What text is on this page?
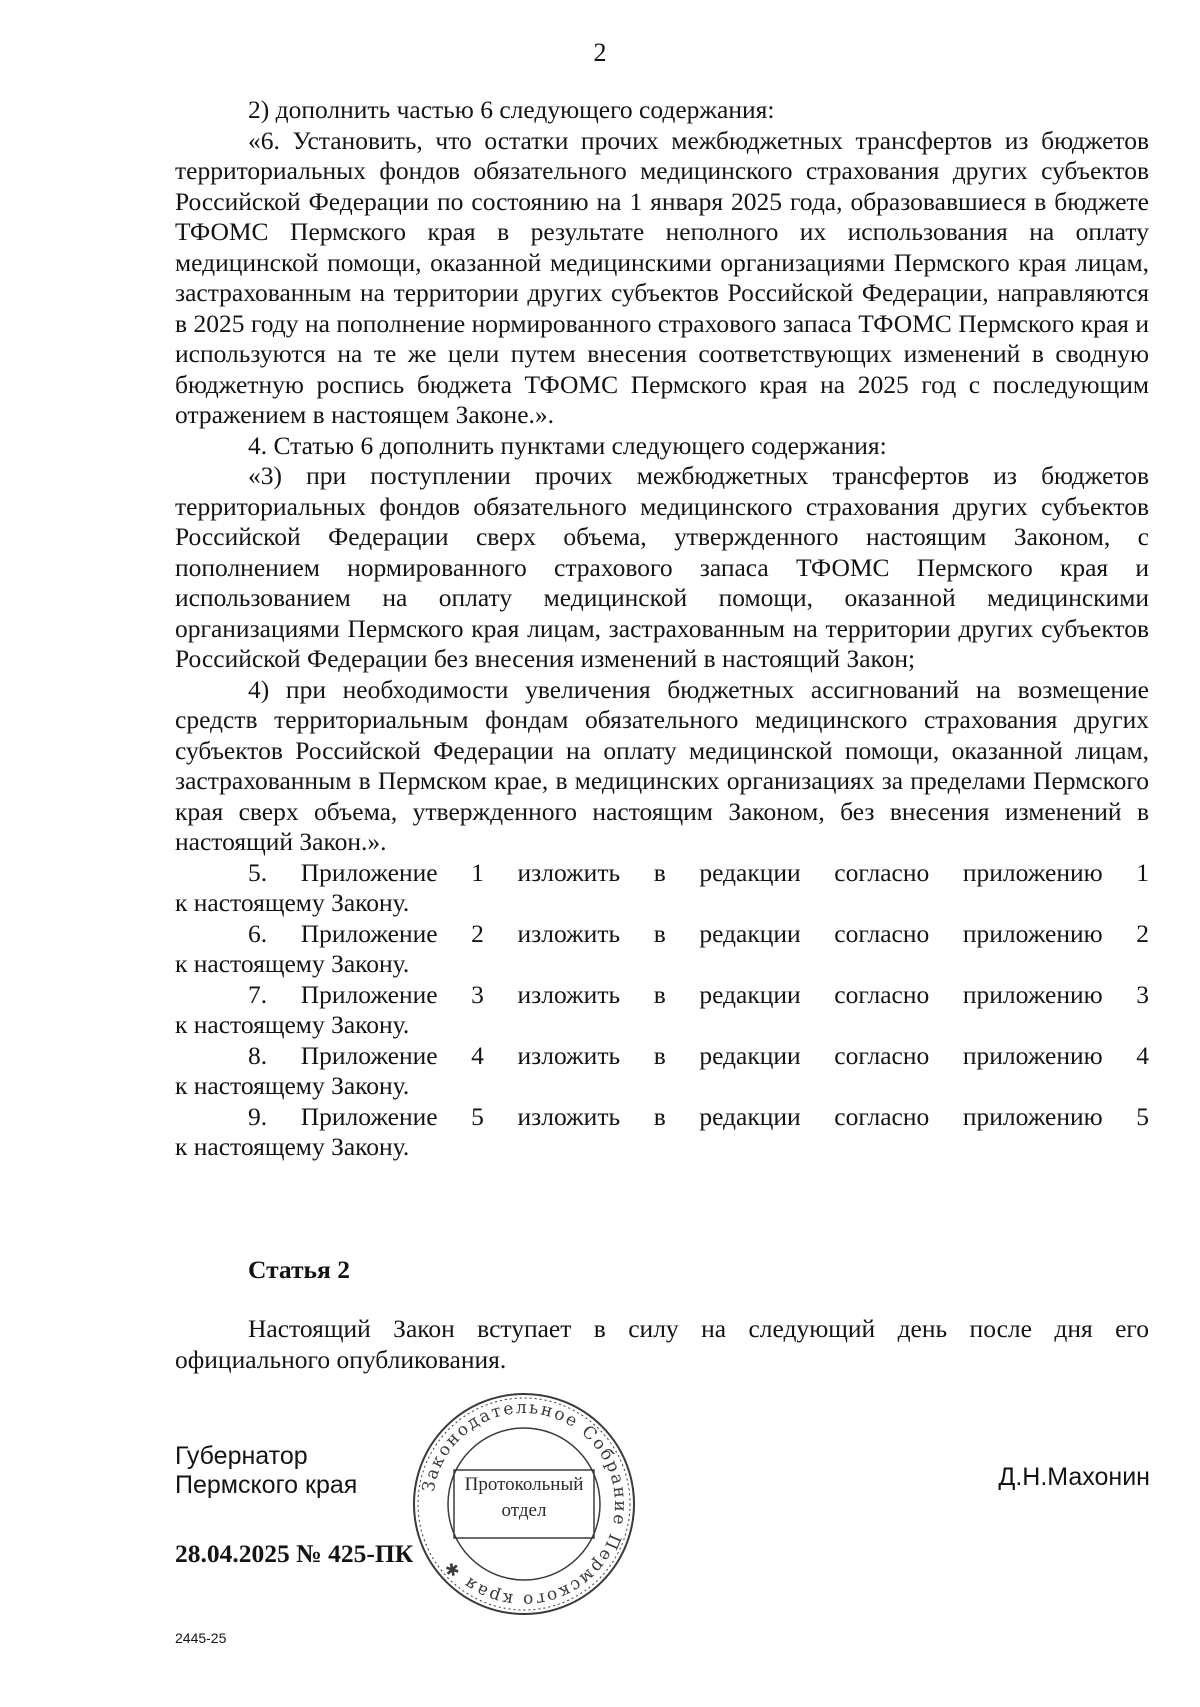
2

2) дополнить частью 6 следующего содержания:

«6. Установить, что остатки прочих межбюджетных трансфертов из бюджетов территориальных фондов обязательного медицинского страхования других субъектов Российской Федерации по состоянию на 1 января 2025 года, образовавшиеся в бюджете ТФОМС Пермского края в результате неполного их использования на оплату медицинской помощи, оказанной медицинскими организациями Пермского края лицам, застрахованным на территории других субъектов Российской Федерации, направляются в 2025 году на пополнение нормированного страхового запаса ТФОМС Пермского края и используются на те же цели путем внесения соответствующих изменений в сводную бюджетную роспись бюджета ТФОМС Пермского края на 2025 год с последующим отражением в настоящем Законе.».

4. Статью 6 дополнить пунктами следующего содержания:

«3) при поступлении прочих межбюджетных трансфертов из бюджетов территориальных фондов обязательного медицинского страхования других субъектов Российской Федерации сверх объема, утвержденного настоящим Законом, с пополнением нормированного страхового запаса ТФОМС Пермского края и использованием на оплату медицинской помощи, оказанной медицинскими организациями Пермского края лицам, застрахованным на территории других субъектов Российской Федерации без внесения изменений в настоящий Закон;

4) при необходимости увеличения бюджетных ассигнований на возмещение средств территориальным фондам обязательного медицинского страхования других субъектов Российской Федерации на оплату медицинской помощи, оказанной лицам, застрахованным в Пермском крае, в медицинских организациях за пределами Пермского края сверх объема, утвержденного настоящим Законом, без внесения изменений в настоящий Закон.».

5. Приложение 1 изложить в редакции согласно приложению 1

к настоящему Закону.

6. Приложение 2 изложить в редакции согласно приложению 2

к настоящему Закону.

7. Приложение 3 изложить в редакции согласно приложению 3

к настоящему Закону.

8. Приложение 4 изложить в редакции согласно приложению 4

к настоящему Закону.

9. Приложение 5 изложить в редакции согласно приложению 5

к настоящему Закону.

Статья 2

Настоящий Закон вступает в силу на следующий день после дня его официального опубликования.

Губернатор
Пермского края	Д.Н.Махонин
28.04.2025 № 425-ПК
2445-25
Законодательное Собрание Пермского края ✱
Протокольный
отдел
